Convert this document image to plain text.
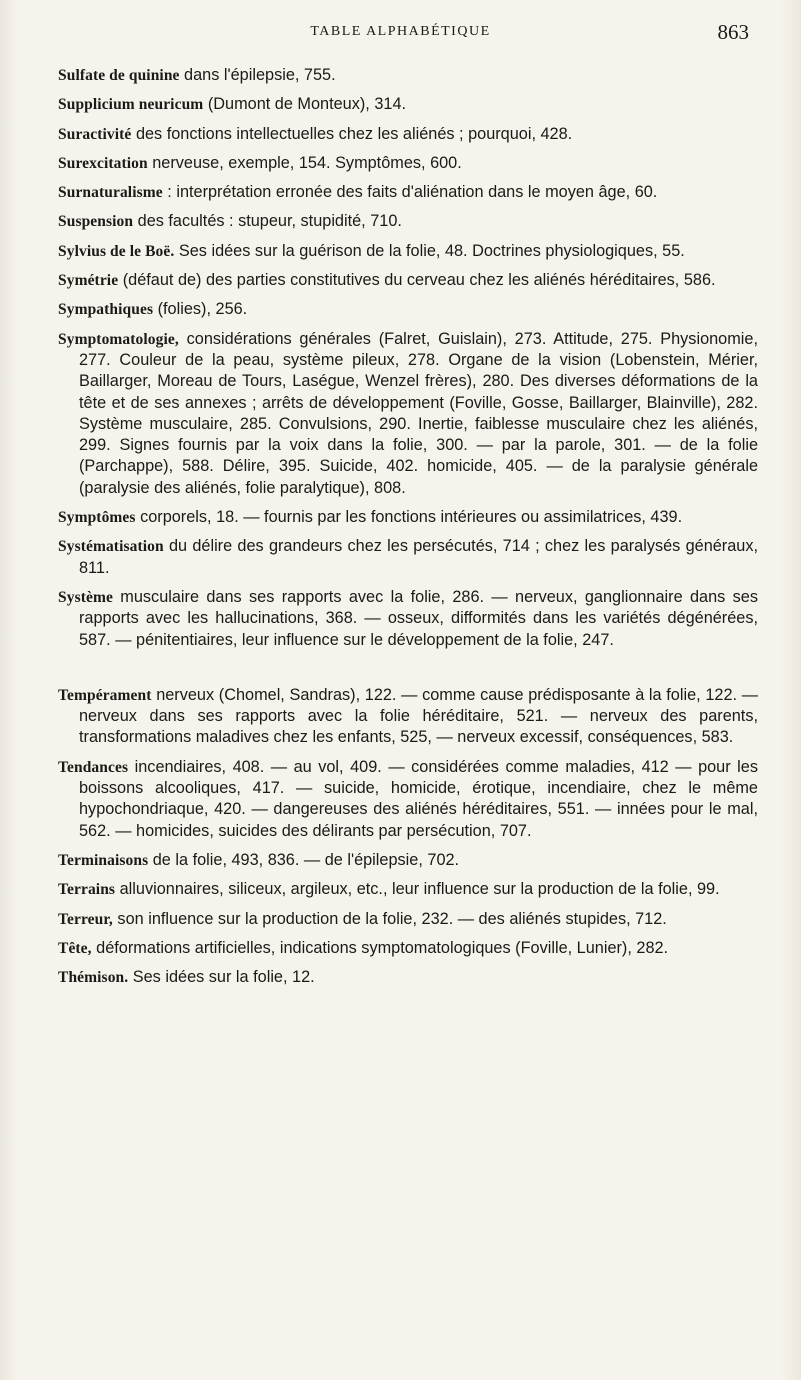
TABLE ALPHABÉTIQUE	863

Sulfate de quinine dans l'épilepsie, 755.

Supplicium neuricum (Dumont de Monteux), 314.

Suractivité des fonctions intellectuelles chez les aliénés ; pourquoi, 428.

Surexcitation nerveuse, exemple, 154. Symptômes, 600.

Surnaturalisme : interprétation erronée des faits d'aliénation dans le moyen âge, 60.

Suspension des facultés : stupeur, stupidité, 710.

Sylvius de le Boë. Ses idées sur la guérison de la folie, 48. Doctrines physiologiques, 55.

Symétrie (défaut de) des parties constitutives du cerveau chez les aliénés héréditaires, 586.

Sympathiques (folies), 256.

Symptomatologie, considérations générales (Falret, Guislain), 273. Attitude, 275. Physionomie, 277. Couleur de la peau, système pileux, 278. Organe de la vision (Lobenstein, Mérier, Baillarger, Moreau de Tours, Laségue, Wenzel frères), 280. Des diverses déformations de la tête et de ses annexes ; arrêts de développement (Foville, Gosse, Baillarger, Blainville), 282. Système musculaire, 285. Convulsions, 290. Inertie, faiblesse musculaire chez les aliénés, 299. Signes fournis par la voix dans la folie, 300. — par la parole, 301. — de la folie (Parchappe), 588. Délire, 395. Suicide, 402. homicide, 405. — de la paralysie générale (paralysie des aliénés, folie paralytique), 808.

Symptômes corporels, 18. — fournis par les fonctions intérieures ou assimilatrices, 439.

Systématisation du délire des grandeurs chez les persécutés, 714 ; chez les paralysés généraux, 811.

Système musculaire dans ses rapports avec la folie, 286. — nerveux, ganglionnaire dans ses rapports avec les hallucinations, 368. — osseux, difformités dans les variétés dégénérées, 587. — pénitentiaires, leur influence sur le développement de la folie, 247.

Tempérament nerveux (Chomel, Sandras), 122. — comme cause prédisposante à la folie, 122. — nerveux dans ses rapports avec la folie héréditaire, 521. — nerveux des parents, transformations maladives chez les enfants, 525, — nerveux excessif, conséquences, 583.

Tendances incendiaires, 408. — au vol, 409. — considérées comme maladies, 412 — pour les boissons alcooliques, 417. — suicide, homicide, érotique, incendiaire, chez le même hypochondriaque, 420. — dangereuses des aliénés héréditaires, 551. — innées pour le mal, 562. — homicides, suicides des délirants par persécution, 707.

Terminaisons de la folie, 493, 836. — de l'épilepsie, 702.

Terrains alluvionnaires, siliceux, argileux, etc., leur influence sur la production de la folie, 99.

Terreur, son influence sur la production de la folie, 232. — des aliénés stupides, 712.

Tête, déformations artificielles, indications symptomatologiques (Foville, Lunier), 282.

Thémison. Ses idées sur la folie, 12.
